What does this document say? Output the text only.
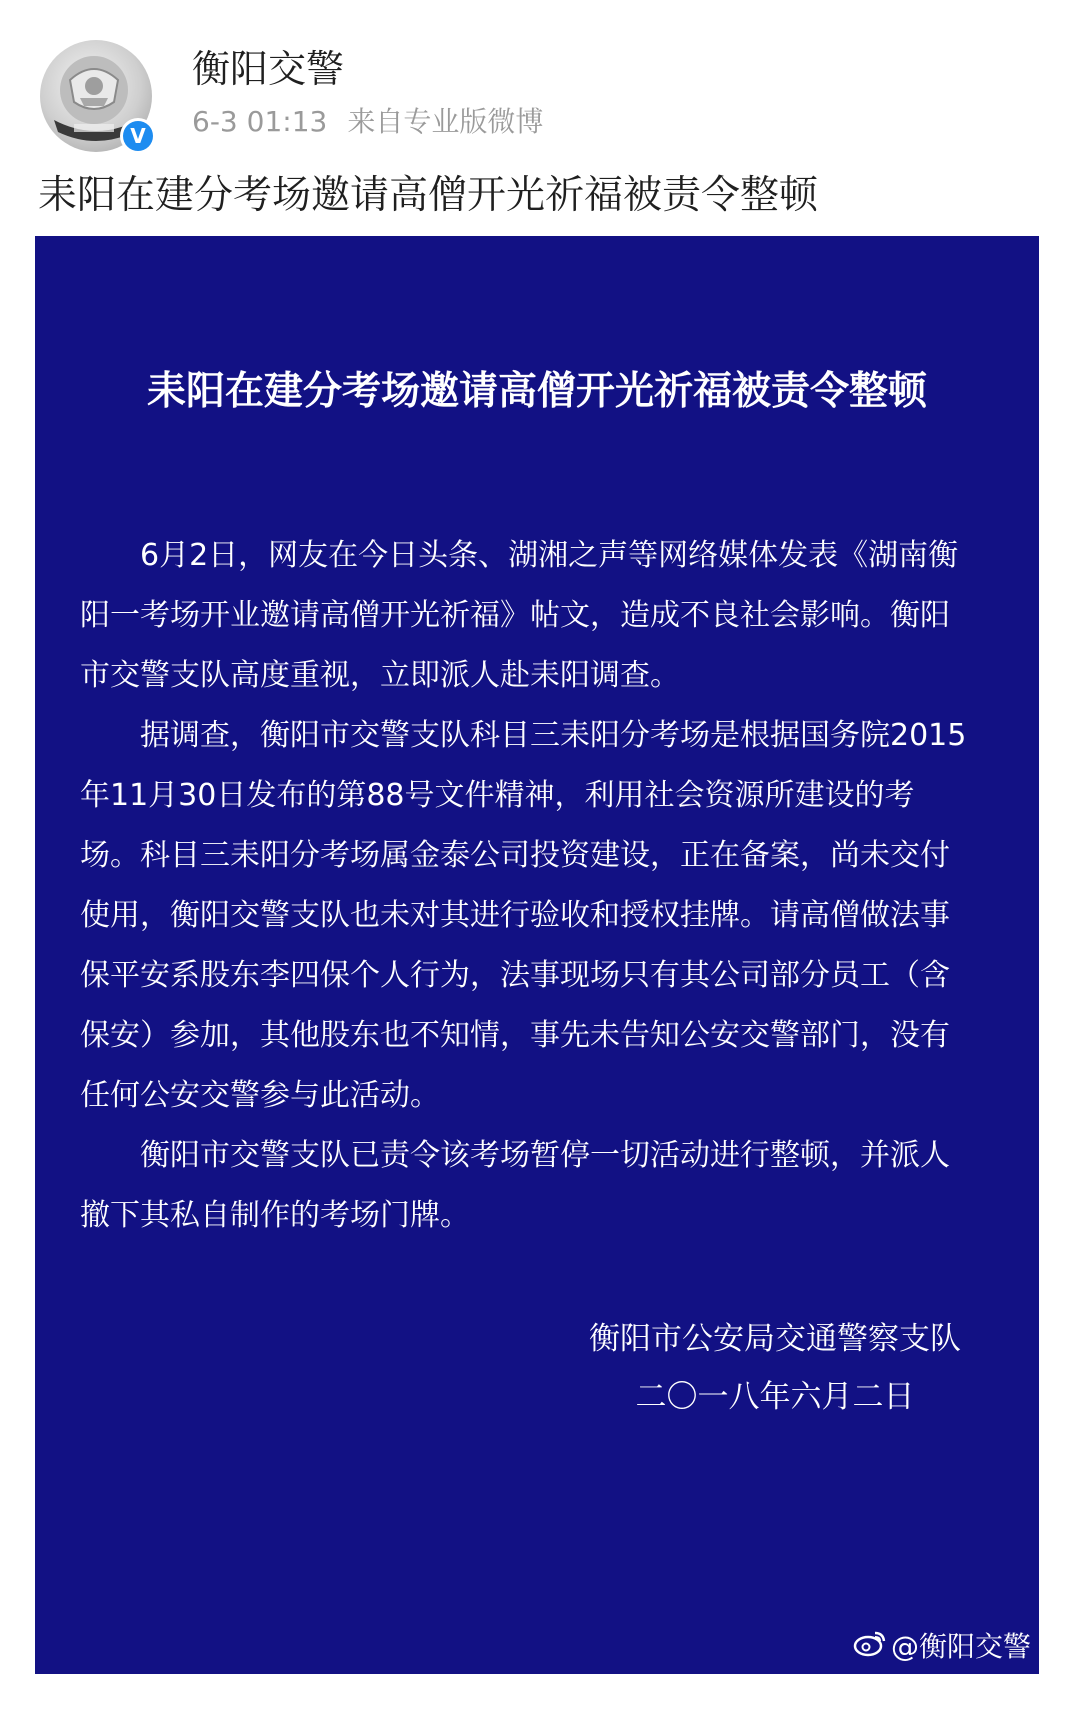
V
衡阳交警
6-3 01:13 来自专业版微博
耒阳在建分考场邀请高僧开光祈福被责令整顿
耒阳在建分考场邀请高僧开光祈福被责令整顿

6月2日，网友在今日头条、湖湘之声等网络媒体发表《湖南衡阳一考场开业邀请高僧开光祈福》帖文，造成不良社会影响。衡阳市交警支队高度重视，立即派人赴耒阳调查。

据调查，衡阳市交警支队科目三耒阳分考场是根据国务院2015年11月30日发布的第88号文件精神，利用社会资源所建设的考场。科目三耒阳分考场属金泰公司投资建设，正在备案，尚未交付使用，衡阳交警支队也未对其进行验收和授权挂牌。请高僧做法事保平安系股东李四保个人行为，法事现场只有其公司部分员工（含保安）参加，其他股东也不知情，事先未告知公安交警部门，没有任何公安交警参与此活动。

衡阳市交警支队已责令该考场暂停一切活动进行整顿，并派人撤下其私自制作的考场门牌。

衡阳市公安局交通警察支队
二〇一八年六月二日
@衡阳交警
